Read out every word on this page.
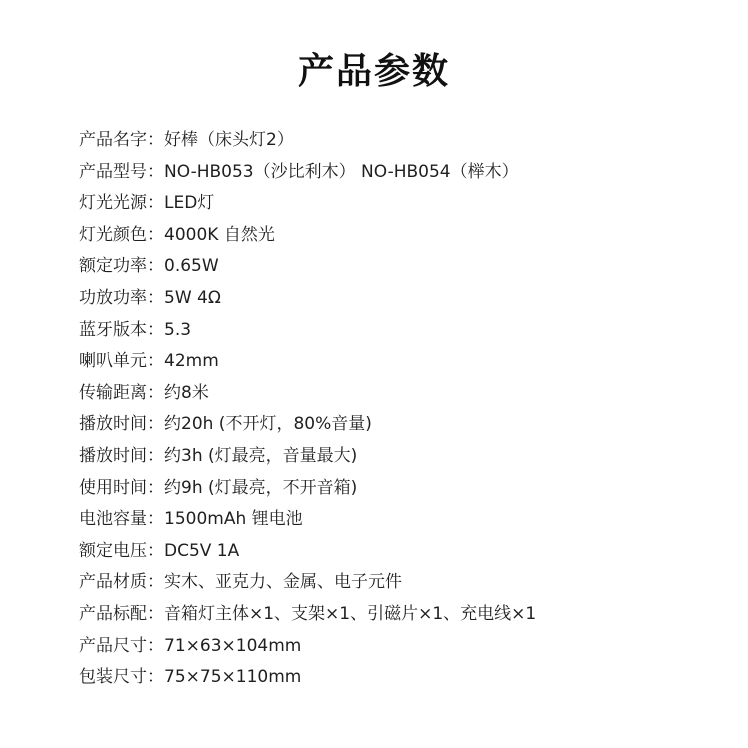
产品参数
产品名字：好棒（床头灯2）
产品型号：NO-HB053（沙比利木） NO-HB054（榉木）
灯光光源：LED灯
灯光颜色：4000K 自然光
额定功率：0.65W
功放功率：5W 4Ω
蓝牙版本：5.3
喇叭单元：42mm
传输距离：约8米
播放时间：约20h (不开灯，80%音量)
播放时间：约3h (灯最亮，音量最大)
使用时间：约9h (灯最亮，不开音箱)
电池容量：1500mAh 锂电池
额定电压：DC5V 1A
产品材质：实木、亚克力、金属、电子元件
产品标配：音箱灯主体×1、支架×1、引磁片×1、充电线×1
产品尺寸：71×63×104mm
包装尺寸：75×75×110mm
